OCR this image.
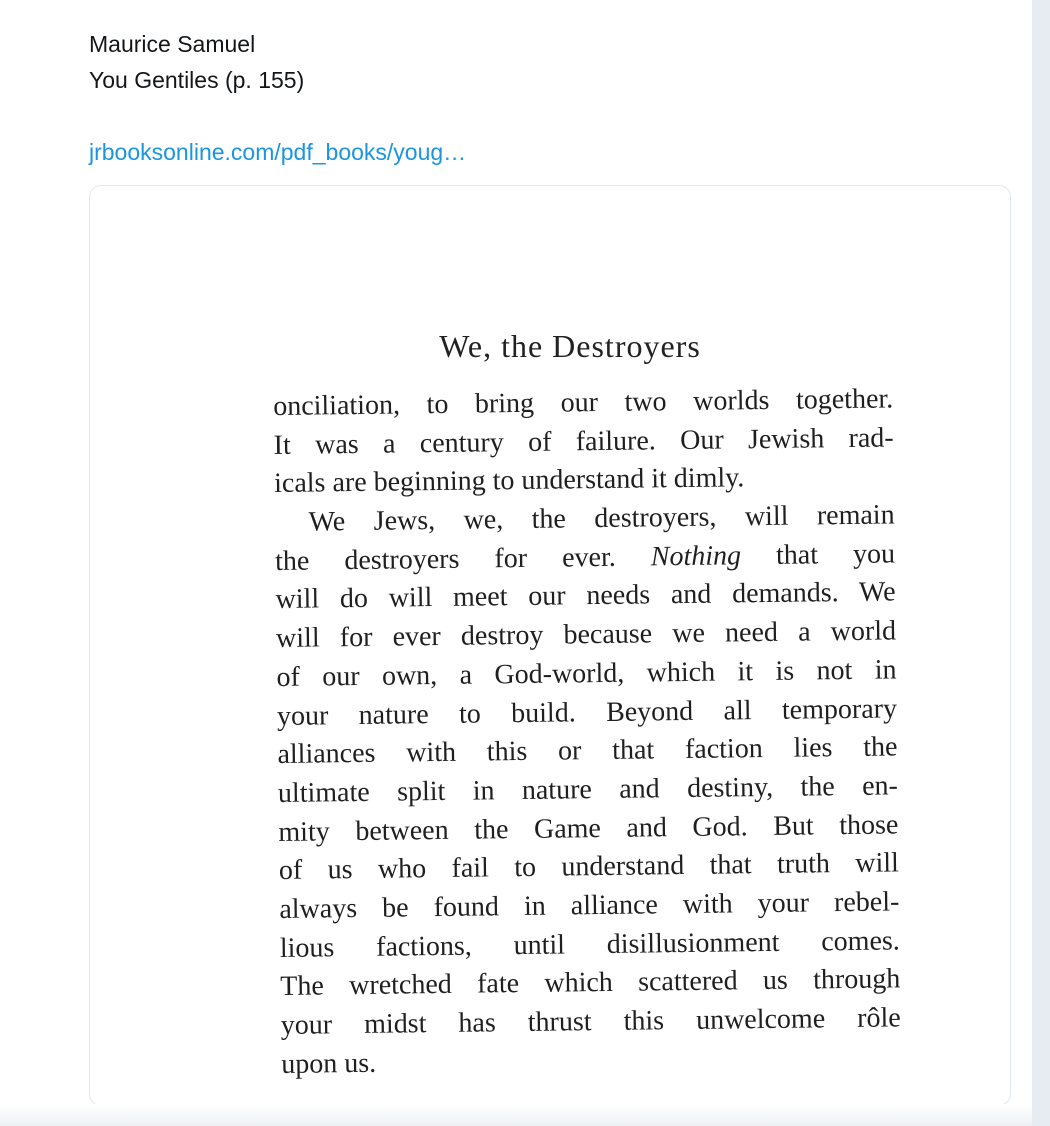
Maurice Samuel
You Gentiles (p. 155)
jrbooksonline.com/pdf_books/youg…
We, the Destroyers
onciliation, to bring our two worlds together.
It was a century of failure. Our Jewish rad-
icals are beginning to understand it dimly.
We Jews, we, the destroyers, will remain
the destroyers for ever. Nothing that you
will do will meet our needs and demands. We
will for ever destroy because we need a world
of our own, a God-world, which it is not in
your nature to build. Beyond all temporary
alliances with this or that faction lies the
ultimate split in nature and destiny, the en-
mity between the Game and God. But those
of us who fail to understand that truth will
always be found in alliance with your rebel-
lious factions, until disillusionment comes.
The wretched fate which scattered us through
your midst has thrust this unwelcome rôle
upon us.
